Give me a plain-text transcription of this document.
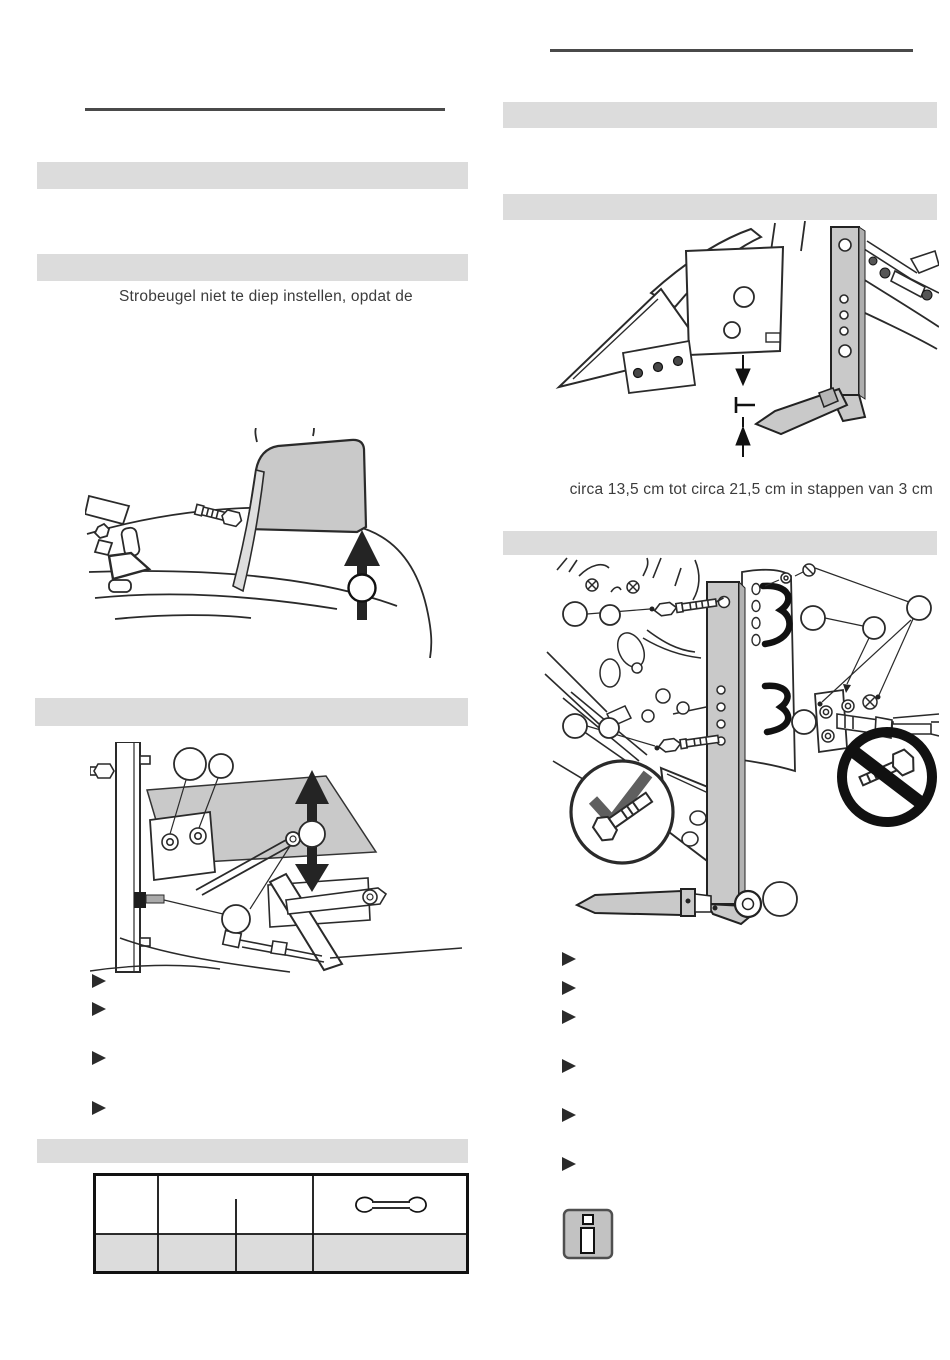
Strobeugel niet te diep instellen, opdat de
circa 13,5 cm tot circa 21,5 cm in stappen van 3 cm
